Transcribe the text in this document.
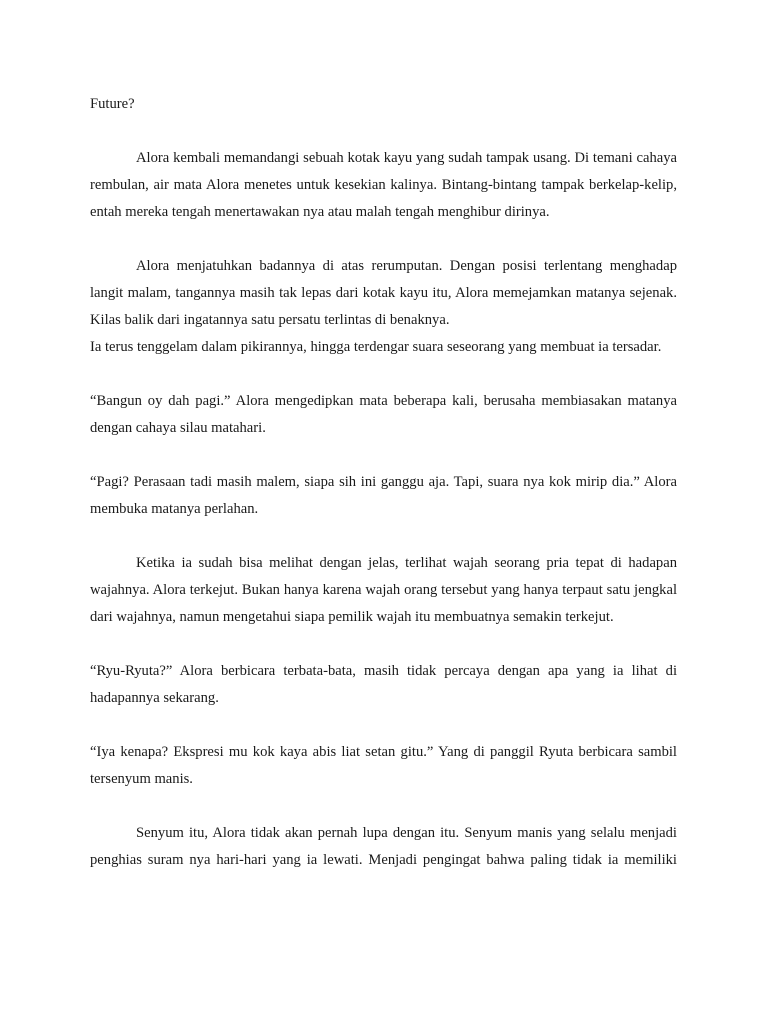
Future?

Alora kembali memandangi sebuah kotak kayu yang sudah tampak usang. Di temani cahaya rembulan, air mata Alora menetes untuk kesekian kalinya. Bintang-bintang tampak berkelap-kelip, entah mereka tengah menertawakan nya atau malah tengah menghibur dirinya.

Alora menjatuhkan badannya di atas rerumputan. Dengan posisi terlentang menghadap langit malam, tangannya masih tak lepas dari kotak kayu itu, Alora memejamkan matanya sejenak. Kilas balik dari ingatannya satu persatu terlintas di benaknya.

Ia terus tenggelam dalam pikirannya, hingga terdengar suara seseorang yang membuat ia tersadar.

“Bangun oy dah pagi.” Alora mengedipkan mata beberapa kali, berusaha membiasakan matanya dengan cahaya silau matahari.

“Pagi? Perasaan tadi masih malem, siapa sih ini ganggu aja. Tapi, suara nya kok mirip dia.” Alora membuka matanya perlahan.

Ketika ia sudah bisa melihat dengan jelas, terlihat wajah seorang pria tepat di hadapan wajahnya. Alora terkejut. Bukan hanya karena wajah orang tersebut yang hanya terpaut satu jengkal dari wajahnya, namun mengetahui siapa pemilik wajah itu membuatnya semakin terkejut.

“Ryu-Ryuta?” Alora berbicara terbata-bata, masih tidak percaya dengan apa yang ia lihat di hadapannya sekarang.

“Iya kenapa? Ekspresi mu kok kaya abis liat setan gitu.” Yang di panggil Ryuta berbicara sambil tersenyum manis.

Senyum itu, Alora tidak akan pernah lupa dengan itu. Senyum manis yang selalu menjadi penghias suram nya hari-hari yang ia lewati. Menjadi pengingat bahwa paling tidak ia memiliki
